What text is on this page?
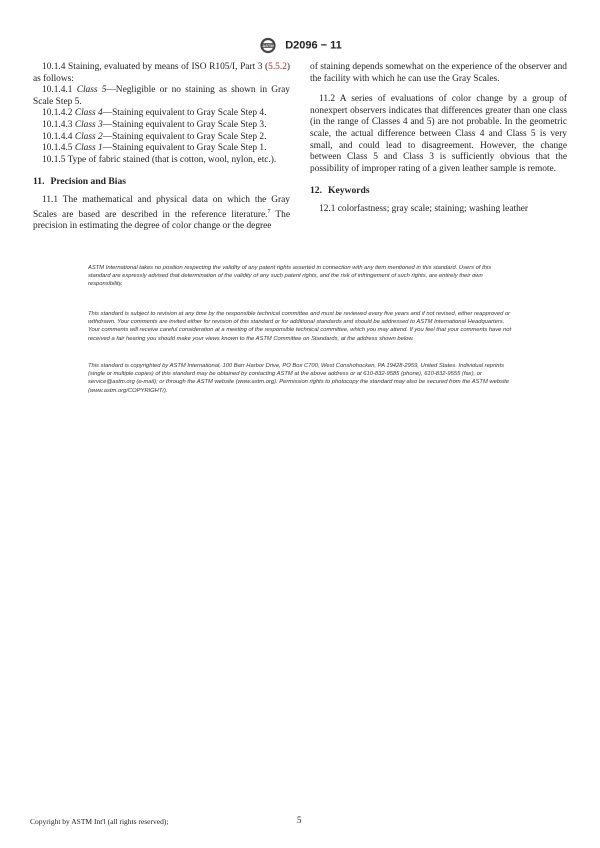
ASTM D2096 − 11

10.1.4 Staining, evaluated by means of ISO R105/I, Part 3 (5.5.2) as follows:

10.1.4.1 Class 5—Negligible or no staining as shown in Gray Scale Step 5.

10.1.4.2 Class 4—Staining equivalent to Gray Scale Step 4.

10.1.4.3 Class 3—Staining equivalent to Gray Scale Step 3.

10.1.4.4 Class 2—Staining equivalent to Gray Scale Step 2.

10.1.4.5 Class 1—Staining equivalent to Gray Scale Step 1.

10.1.5 Type of fabric stained (that is cotton, wool, nylon, etc.).

11. Precision and Bias

11.1 The mathematical and physical data on which the Gray Scales are based are described in the reference literature.$^7$ The precision in estimating the degree of color change or the degree

of staining depends somewhat on the experience of the observer and the facility with which he can use the Gray Scales.

11.2 A series of evaluations of color change by a group of nonexpert observers indicates that differences greater than one class (in the range of Classes 4 and 5) are not probable. In the geometric scale, the actual difference between Class 4 and Class 5 is very small, and could lead to disagreement. However, the change between Class 5 and Class 3 is sufficiently obvious that the possibility of improper rating of a given leather sample is remote.

12. Keywords

12.1 colorfastness; gray scale; staining; washing leather

ASTM International takes no position respecting the validity of any patent rights asserted in connection with any item mentioned in this standard. Users of this standard are expressly advised that determination of the validity of any such patent rights, and the risk of infringement of such rights, are entirely their own responsibility.
This standard is subject to revision at any time by the responsible technical committee and must be reviewed every five years and if not revised, either reapproved or withdrawn. Your comments are invited either for revision of this standard or for additional standards and should be addressed to ASTM International Headquarters. Your comments will receive careful consideration at a meeting of the responsible technical committee, which you may attend. If you feel that your comments have not received a fair hearing you should make your views known to the ASTM Committee on Standards, at the address shown below.
This standard is copyrighted by ASTM International, 100 Barr Harbor Drive, PO Box C700, West Conshohocken, PA 19428-2959, United States. Individual reprints (single or multiple copies) of this standard may be obtained by contacting ASTM at the above address or at 610-832-9585 (phone), 610-832-9555 (fax), or service@astm.org (e-mail); or through the ASTM website (www.astm.org). Permission rights to photocopy the standard may also be secured from the ASTM website (www.astm.org/COPYRIGHT/).
Copyright by ASTM Int'l (all rights reserved);	5
